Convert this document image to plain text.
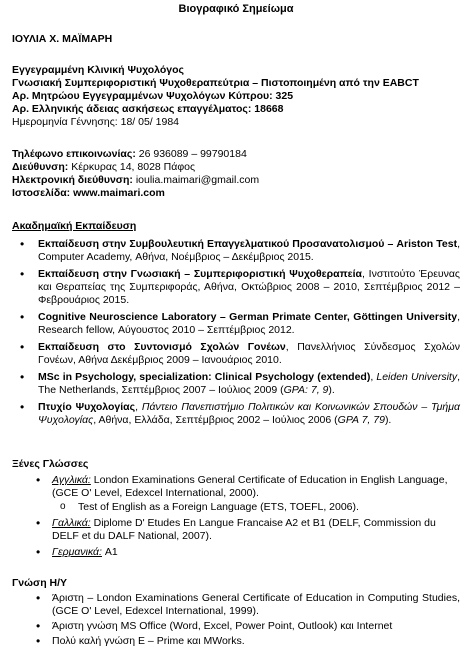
Βιογραφικό Σημείωμα
ΙΟΥΛΙΑ Χ. ΜΑΪΜΑΡΗ
Εγγεγραμμένη Κλινική Ψυχολόγος
Γνωσιακή Συμπεριφοριστική Ψυχοθεραπεύτρια – Πιστοποιημένη από την EABCT
Αρ. Μητρώου Εγγεγραμμένων Ψυχολόγων Κύπρου: 325
Αρ. Ελληνικής άδειας ασκήσεως επαγγέλματος: 18668
Ημερομηνία Γέννησης: 18/ 05/ 1984
Τηλέφωνο επικοινωνίας: 26 936089 – 99790184
Διεύθυνση: Κέρκυρας 14, 8028 Πάφος
Ηλεκτρονική διεύθυνση: ioulia.maimari@gmail.com
Ιστοσελίδα: www.maimari.com
Ακαδημαϊκή Εκπαίδευση
• Εκπαίδευση στην Συμβουλευτική Επαγγελματικού Προσανατολισμού – Ariston Test, Computer Academy, Αθήνα, Νοέμβριος – Δεκέμβριος 2015.
• Εκπαίδευση στην Γνωσιακή – Συμπεριφοριστική Ψυχοθεραπεία, Ινστιτούτο Έρευνας και Θεραπείας της Συμπεριφοράς, Αθήνα, Οκτώβριος 2008 – 2010, Σεπτέμβριος 2012 – Φεβρουάριος 2015.
• Cognitive Neuroscience Laboratory – German Primate Center, Göttingen University, Research fellow, Αύγουστος 2010 – Σεπτέμβριος 2012.
• Εκπαίδευση στο Συντονισμό Σχολών Γονέων, Πανελλήνιος Σύνδεσμος Σχολών Γονέων, Αθήνα Δεκέμβριος 2009 – Ιανουάριος 2010.
• MSc in Psychology, specialization: Clinical Psychology (extended), Leiden University, The Netherlands, Σεπτέμβριος 2007 – Ιούλιος 2009 (GPA: 7, 9).
• Πτυχίο Ψυχολογίας, Πάντειο Πανεπιστήμιο Πολιτικών και Κοινωνικών Σπουδών – Τμήμα Ψυχολογίας, Αθήνα, Ελλάδα, Σεπτέμβριος 2002 – Ιούλιος 2006 (GPA 7, 79).
Ξένες Γλώσσες
• Αγγλικά: London Examinations General Certificate of Education in English Language, (GCE O' Level, Edexcel International, 2000).
o Test of English as a Foreign Language (ETS, TOEFL, 2006).
• Γαλλικά: Diplome D' Etudes En Langue Francaise A2 et B1 (DELF, Commission du DELF et du DALF National, 2007).
• Γερμανικά: A1
Γνώση Η/Υ
• Άριστη – London Examinations General Certificate of Education in Computing Studies, (GCE O' Level, Edexcel International, 1999).
• Άριστη γνώση MS Office (Word, Excel, Power Point, Outlook) και Internet
• Πολύ καλή γνώση E – Prime και MWorks.
